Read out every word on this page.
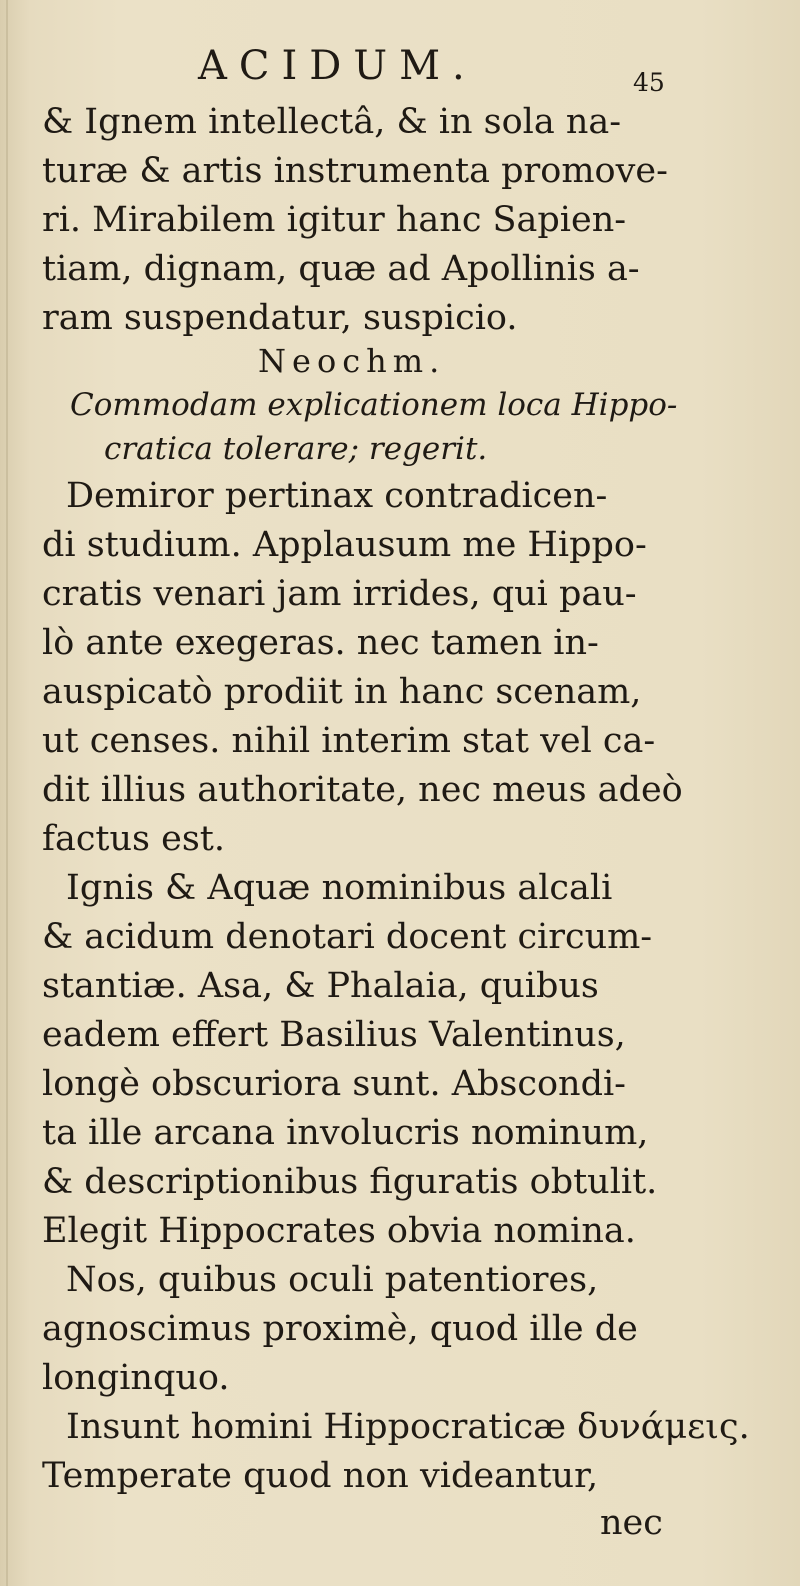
ACIDUM.	45
& Ignem intellectâ, & in sola na-
turæ & artis instrumenta promove-
ri. Mirabilem igitur hanc Sapien-
tiam, dignam, quæ ad Apollinis a-
ram suspendatur, suspicio.
Neochm.
Commodam explicationem loca Hippo-
cratica tolerare; regerit.
Demiror pertinax contradicen-
di studium. Applausum me Hippo-
cratis venari jam irrides, qui pau-
lò ante exegeras. nec tamen in-
auspicatò prodiit in hanc scenam,
ut censes. nihil interim stat vel ca-
dit illius authoritate, nec meus adeò
factus est.
Ignis & Aquæ nominibus alcali
& acidum denotari docent circum-
stantiæ. Asa, & Phalaia, quibus
eadem effert Basilius Valentinus,
longè obscuriora sunt. Abscondi-
ta ille arcana involucris nominum,
& descriptionibus figuratis obtulit.
Elegit Hippocrates obvia nomina.
Nos, quibus oculi patentiores,
agnoscimus proximè, quod ille de
longinquo.
Insunt homini Hippocraticæ δυνάμεις.
Temperate quod non videantur,
nec
